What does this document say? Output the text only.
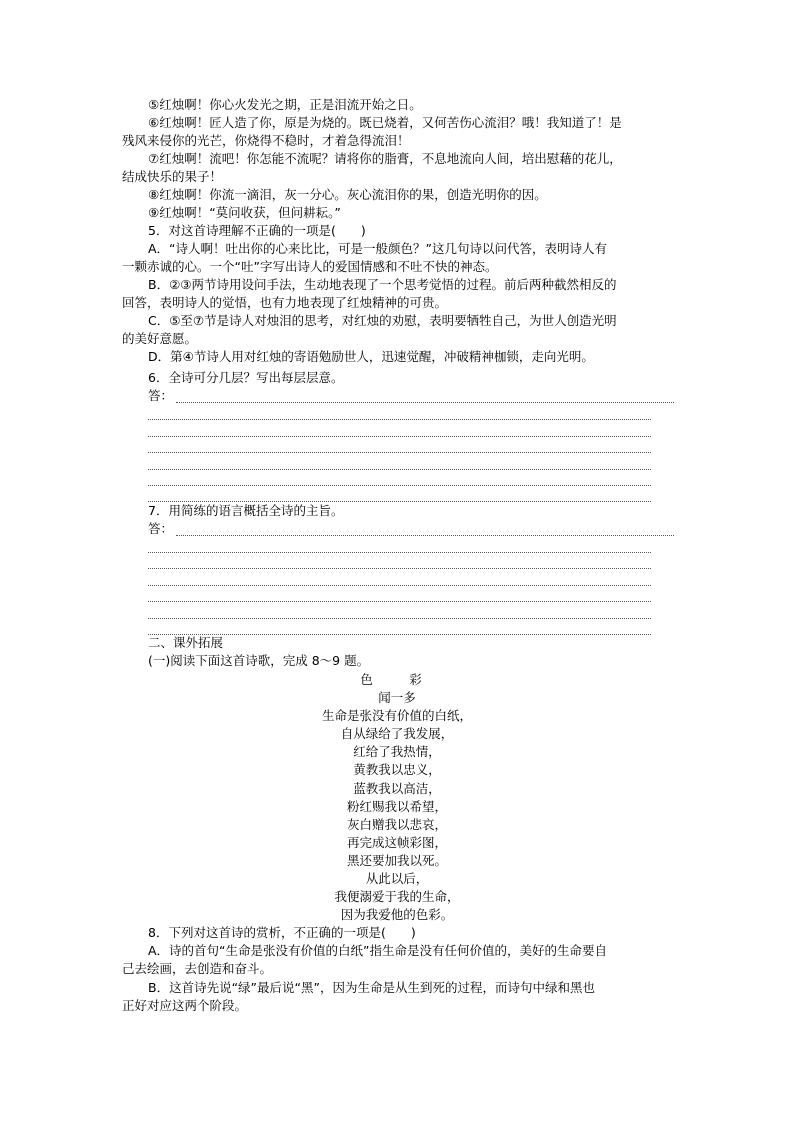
⑤红烛啊！你心火发光之期，正是泪流开始之日。
⑥红烛啊！匠人造了你，原是为烧的。既已烧着，又何苦伤心流泪？哦！我知道了！是
残风来侵你的光芒，你烧得不稳时，才着急得流泪！
⑦红烛啊！流吧！你怎能不流呢？请将你的脂膏，不息地流向人间，培出慰藉的花儿，
结成快乐的果子！
⑧红烛啊！你流一滴泪，灰一分心。灰心流泪你的果，创造光明你的因。
⑨红烛啊！“莫问收获，但问耕耘。”
5．对这首诗理解不正确的一项是(　　)
A．“诗人啊！吐出你的心来比比，可是一般颜色？”这几句诗以问代答，表明诗人有
一颗赤诚的心。一个“吐”字写出诗人的爱国情感和不吐不快的神态。
B．②③两节诗用设问手法，生动地表现了一个思考觉悟的过程。前后两种截然相反的
回答，表明诗人的觉悟，也有力地表现了红烛精神的可贵。
C．⑤至⑦节是诗人对烛泪的思考，对红烛的劝慰，表明要牺牲自己，为世人创造光明
的美好意愿。
D．第④节诗人用对红烛的寄语勉励世人，迅速觉醒，冲破精神枷锁，走向光明。
6．全诗可分几层？写出每层层意。
答：
7．用简练的语言概括全诗的主旨。
答：
二、课外拓展
(一)阅读下面这首诗歌，完成 8～9 题。
色　彩
闻一多
生命是张没有价值的白纸，
自从绿给了我发展，
红给了我热情，
黄教我以忠义，
蓝教我以高洁，
粉红赐我以希望，
灰白赠我以悲哀，
再完成这帧彩图，
黑还要加我以死。
从此以后，
我便溺爱于我的生命，
因为我爱他的色彩。
8．下列对这首诗的赏析，不正确的一项是(　　)
A．诗的首句“生命是张没有价值的白纸”指生命是没有任何价值的，美好的生命要自
己去绘画，去创造和奋斗。
B．这首诗先说“绿”最后说“黑”，因为生命是从生到死的过程，而诗句中绿和黑也
正好对应这两个阶段。
